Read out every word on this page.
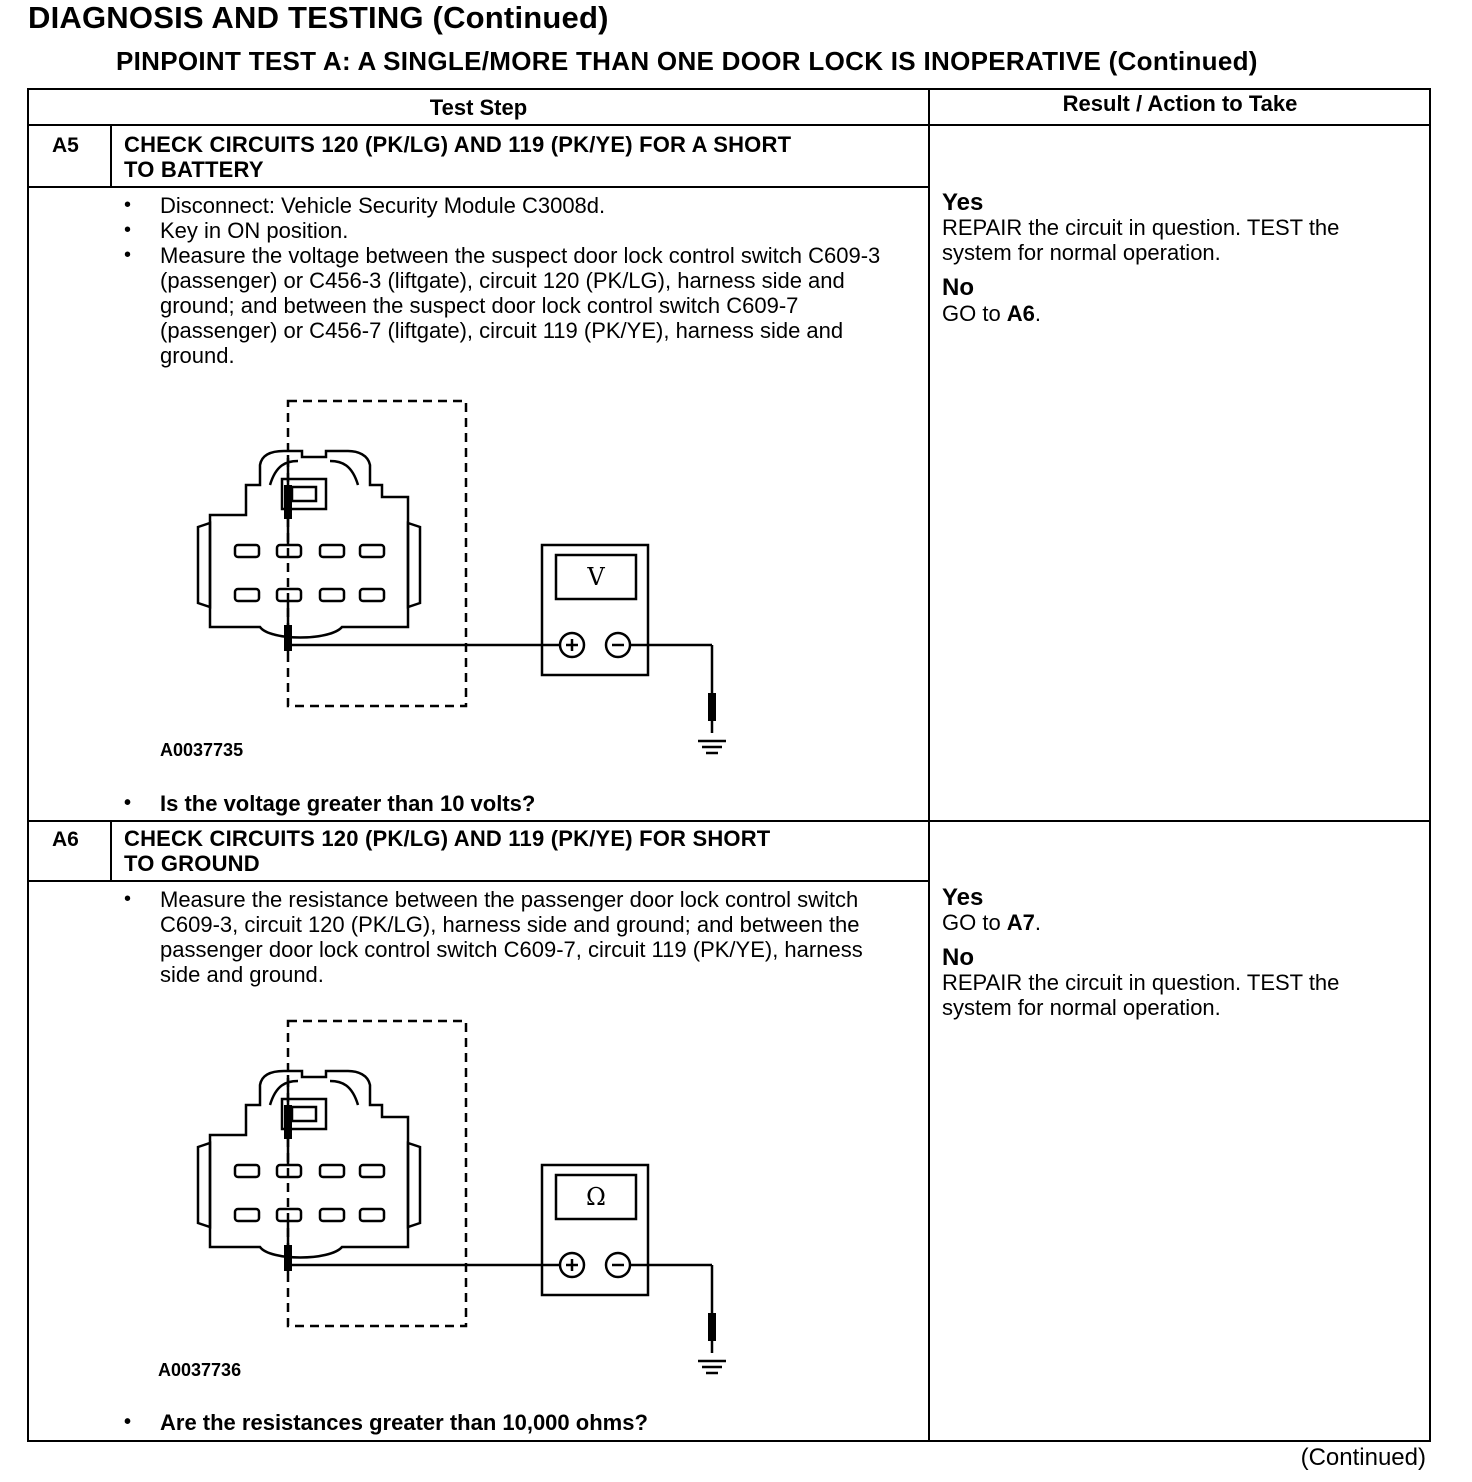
DIAGNOSIS AND TESTING (Continued)
PINPOINT TEST A: A SINGLE/MORE THAN ONE DOOR LOCK IS INOPERATIVE (Continued)
Test Step	Result / Action to Take
A5 CHECK CIRCUITS 120 (PK/LG) AND 119 (PK/YE) FOR A SHORT
TO BATTERY
• Disconnect: Vehicle Security Module C3008d.
• Key in ON position.
• Measure the voltage between the suspect door lock control switch C609-3 (passenger) or C456-3 (liftgate), circuit 120 (PK/LG), harness side and ground; and between the suspect door lock control switch C609-7 (passenger) or C456-7 (liftgate), circuit 119 (PK/YE), harness side and ground.
V
A0037735
• Is the voltage greater than 10 volts?
Yes
REPAIR the circuit in question. TEST the system for normal operation.
No
GO to A6.
A6 CHECK CIRCUITS 120 (PK/LG) AND 119 (PK/YE) FOR SHORT
TO GROUND
• Measure the resistance between the passenger door lock control switch C609-3, circuit 120 (PK/LG), harness side and ground; and between the passenger door lock control switch C609-7, circuit 119 (PK/YE), harness side and ground.
Ω
A0037736
• Are the resistances greater than 10,000 ohms?
Yes
GO to A7.
No
REPAIR the circuit in question. TEST the system for normal operation.
(Continued)
